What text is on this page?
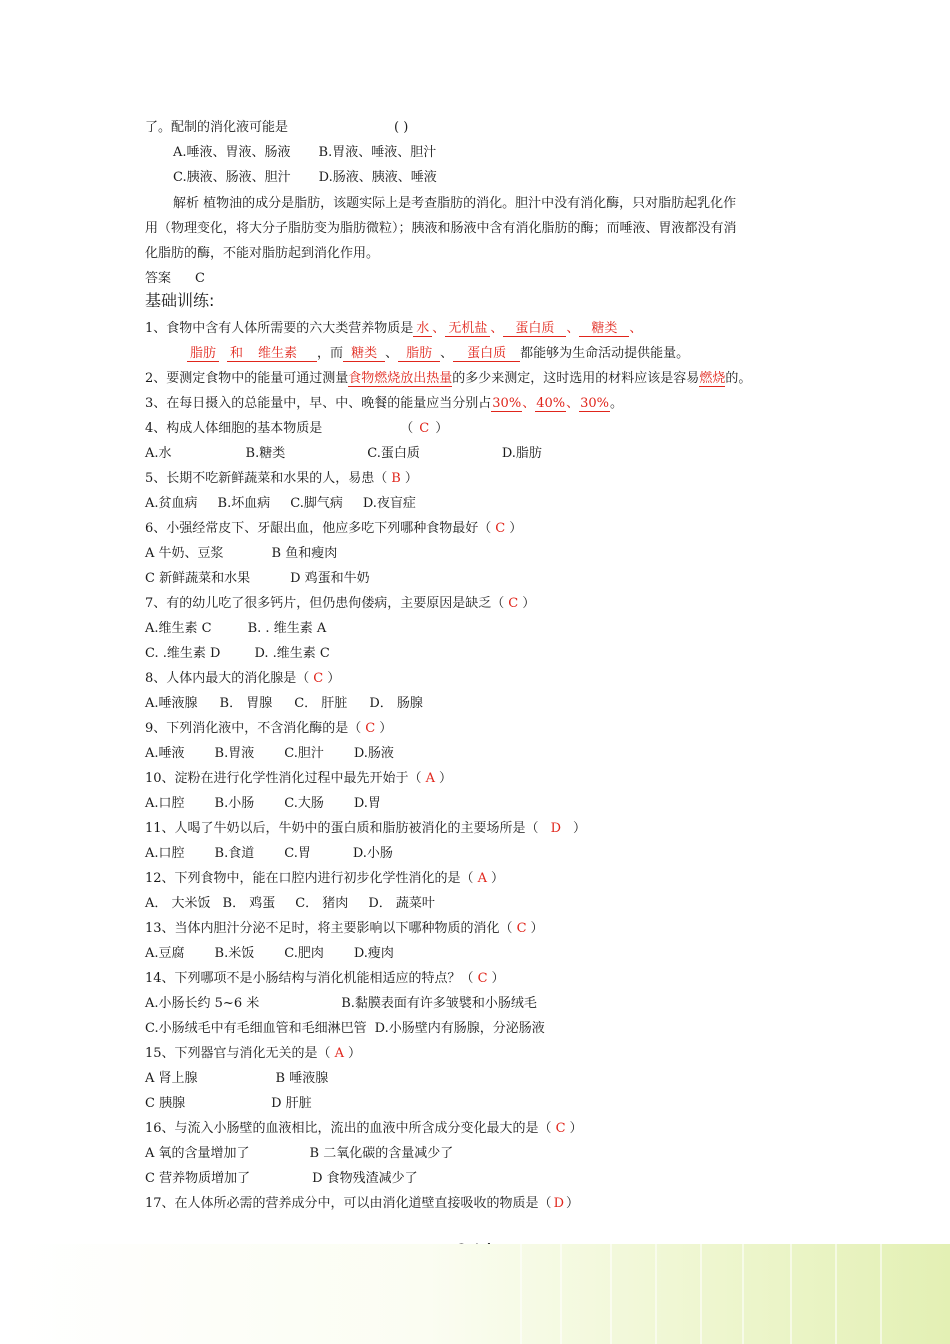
了。配制的消化液可能是	( )
A.唾液、胃液、肠液 B.胃液、唾液、胆汁
C.胰液、肠液、胆汁 D.肠液、胰液、唾液
解析 植物油的成分是脂肪，该题实际上是考查脂肪的消化。胆汁中没有消化酶，只对脂肪起乳化作
用（物理变化，将大分子脂肪变为脂肪微粒）；胰液和肠液中含有消化脂肪的酶；而唾液、胃液都没有消
化脂肪的酶，不能对脂肪起到消化作用。
答案 C
基础训练:
1、食物中含有人体所需要的六大类营养物质是 水 、 无机盐 、 蛋白质 、 糖类 、
脂肪 和 维生素 ，而 糖类 、 脂肪 、 蛋白质 都能够为生命活动提供能量。
2、要测定食物中的能量可通过测量食物燃烧放出热量的多少来测定，这时选用的材料应该是容易燃烧的。
3、在每日摄入的总能量中，早、中、晚餐的能量应当分别占30%、40%、30%。
4、构成人体细胞的基本物质是	（ C ）
A.水	B.糖类	C.蛋白质	D.脂肪
5、长期不吃新鲜蔬菜和水果的人，易患（ B ）
A.贫血病 B.坏血病 C.脚气病 D.夜盲症
6、小强经常皮下、牙龈出血，他应多吃下列哪种食物最好（ C ）
A 牛奶、豆浆	B 鱼和瘦肉
C 新鲜蔬菜和水果	D 鸡蛋和牛奶
7、有的幼儿吃了很多钙片，但仍患佝偻病，主要原因是缺乏（ C ）
A.维生素 C	B. . 维生素 A
C. .维生素 D	D. .维生素 C
8、人体内最大的消化腺是（ C ）
A.唾液腺 B． 胃腺 C． 肝脏 D． 肠腺
9、下列消化液中，不含消化酶的是（ C ）
A.唾液 B.胃液 C.胆汁 D.肠液
10、淀粉在进行化学性消化过程中最先开始于（ A ）
A.口腔 B.小肠 C.大肠 D.胃
11、人喝了牛奶以后，牛奶中的蛋白质和脂肪被消化的主要场所是（ D ）
A.口腔 B.食道 C.胃	D.小肠
12、下列食物中，能在口腔内进行初步化学性消化的是（ A ）
A． 大米饭 B． 鸡蛋 C． 猪肉 D． 蔬菜叶
13、当体内胆汁分泌不足时，将主要影响以下哪种物质的消化（ C ）
A.豆腐 B.米饭 C.肥肉 D.瘦肉
14、下列哪项不是小肠结构与消化机能相适应的特点？（ C ）
A.小肠长约 5~6 米	B.黏膜表面有许多皱襞和小肠绒毛
C.小肠绒毛中有毛细血管和毛细淋巴管 D.小肠壁内有肠腺，分泌肠液
15、下列器官与消化无关的是（ A ）
A 肾上腺	B 唾液腺
C 胰腺	D 肝脏
16、与流入小肠壁的血液相比，流出的血液中所含成分变化最大的是（ C ）
A 氧的含量增加了	B 二氧化碳的含量减少了
C 营养物质增加了	D 食物残渣减少了
17、在人体所必需的营养成分中，可以由消化道壁直接吸收的物质是（ D ）
